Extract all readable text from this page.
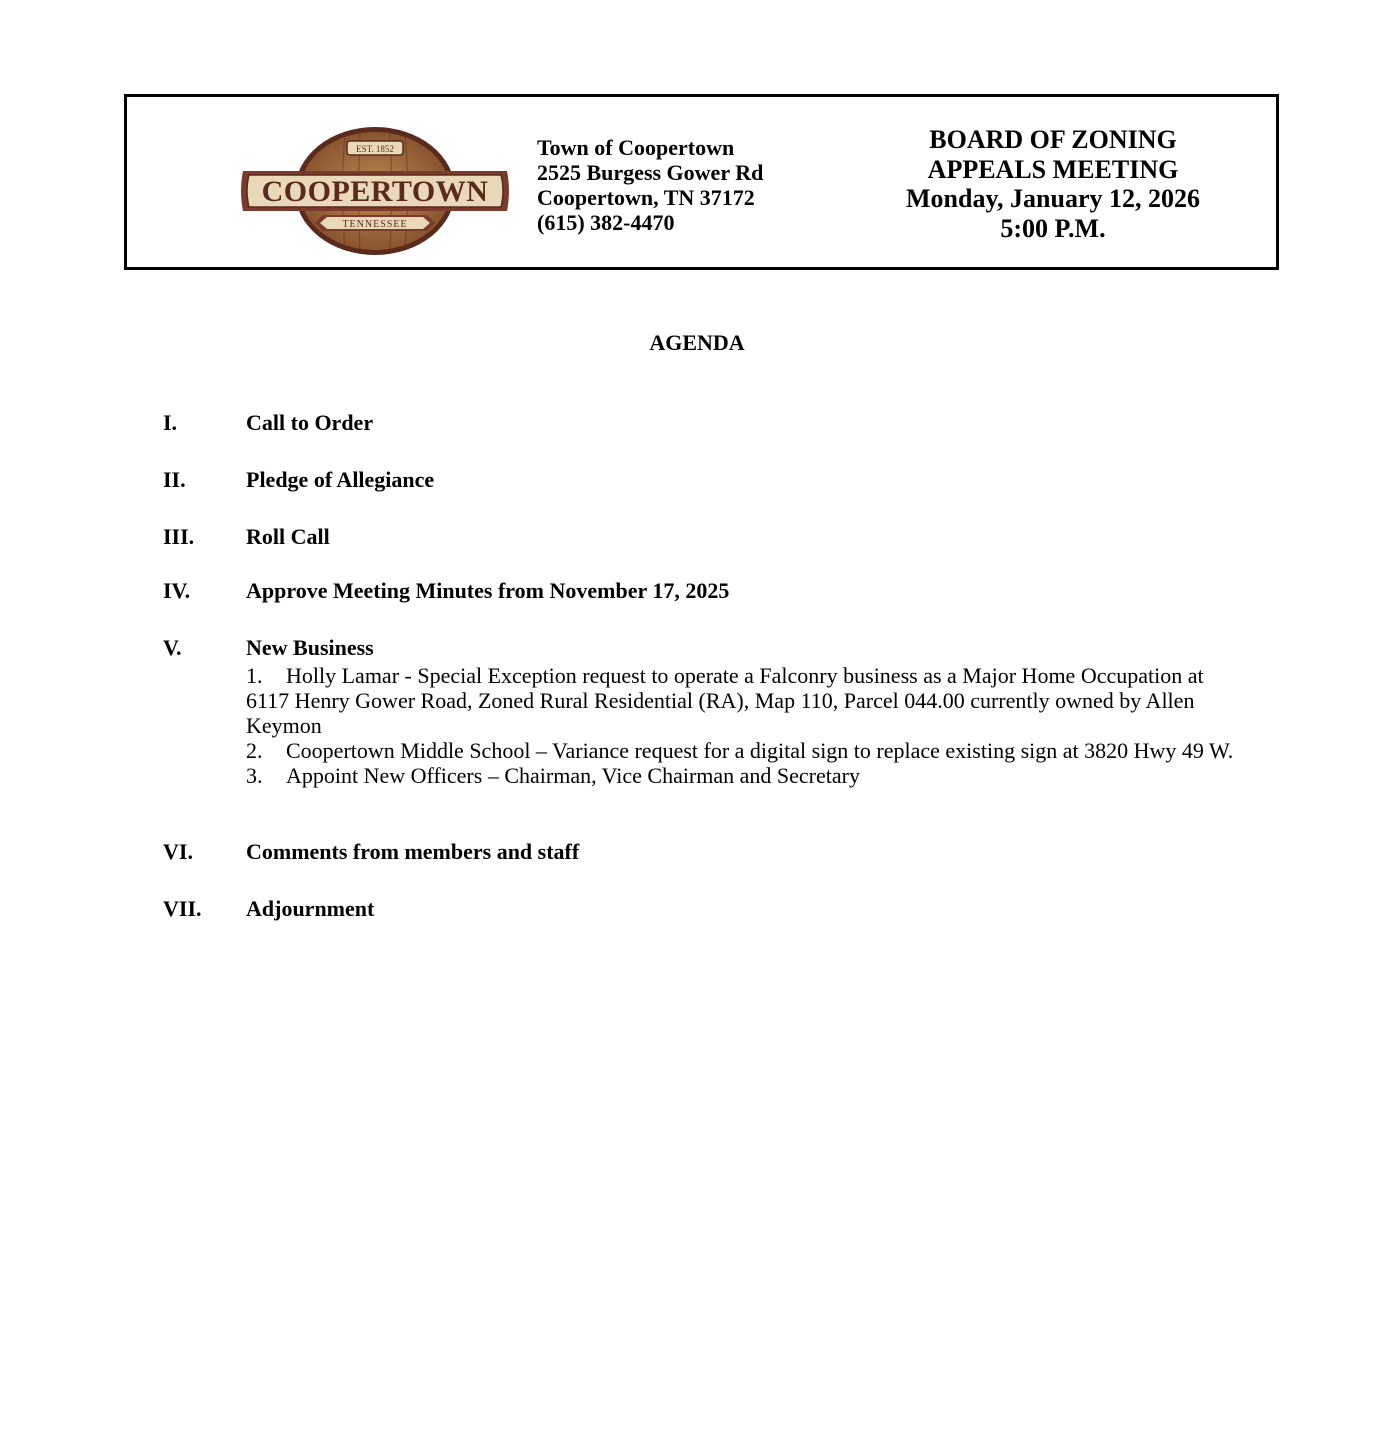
EST. 1852
COOPERTOWN
TENNESSEE
Town of Coopertown
2525 Burgess Gower Rd
Coopertown, TN 37172
(615) 382-4470
BOARD OF ZONING
APPEALS MEETING
Monday, January 12, 2026
5:00 P.M.
AGENDA
I.	Call to Order
II.	Pledge of Allegiance
III. Roll Call
IV.	Approve Meeting Minutes from November 17, 2025
V.	New Business

1. Holly Lamar - Special Exception request to operate a Falconry business as a Major Home Occupation at 6117 Henry Gower Road, Zoned Rural Residential (RA), Map 110, Parcel 044.00 currently owned by Allen Keymon

2. Coopertown Middle School – Variance request for a digital sign to replace existing sign at 3820 Hwy 49 W.

3. Appoint New Officers – Chairman, Vice Chairman and Secretary

VI. Comments from members and staff
VII. Adjournment
